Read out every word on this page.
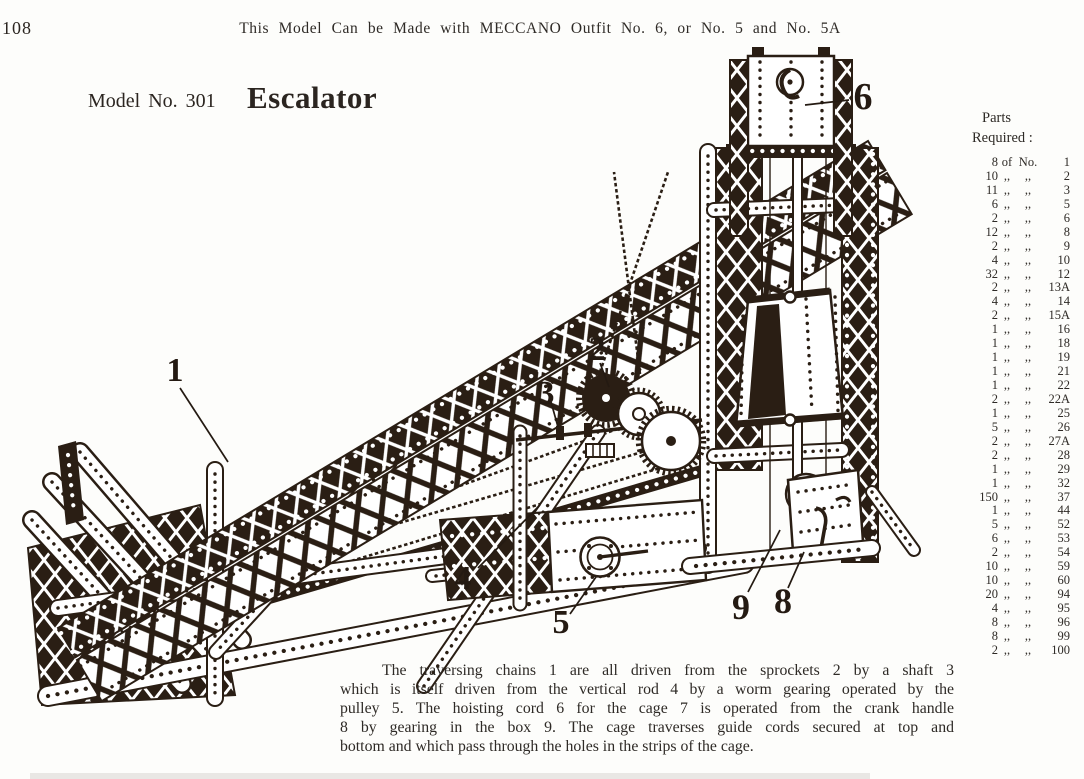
108	This Model Can be Made with MECCANO Outfit No. 6, or No. 5 and No. 5A
Model No. 301 Escalator
1
2
3
4
5
6
8
9
Parts
Required :
8 of No.	1
10 ,,	,,	2
11 ,,	,,	3
6 ,,	,,	5
2 ,,	,,	6
12 ,,	,,	8
2 ,,	,,	9
4 ,,	,,	10
32 ,,	,,	12
2 ,,	,,	13A
4 ,,	,,	14
2 ,,	,,	15A
1 ,,	,,	16
1 ,,	,,	18
1 ,,	,,	19
1 ,,	,,	21
1 ,,	,,	22
2 ,,	,,	22A
1 ,,	,,	25
5 ,,	,,	26
2 ,,	,,	27A
2 ,,	,,	28
1 ,,	,,	29
1 ,,	,,	32
150 ,,	,,	37
1 ,,	,,	44
5 ,,	,,	52
6 ,,	,,	53
2 ,,	,,	54
10 ,,	,,	59
10 ,,	,,	60
20 ,,	,,	94
4 ,,	,,	95
8 ,,	,,	96
8 ,,	,,	99
2 ,,	,,	100
The traversing chains 1 are all driven from the sprockets 2 by a shaft 3
which is itself driven from the vertical rod 4 by a worm gearing operated by the
pulley 5. The hoisting cord 6 for the cage 7 is operated from the crank handle
8 by gearing in the box 9. The cage traverses guide cords secured at top and
bottom and which pass through the holes in the strips of the cage.
